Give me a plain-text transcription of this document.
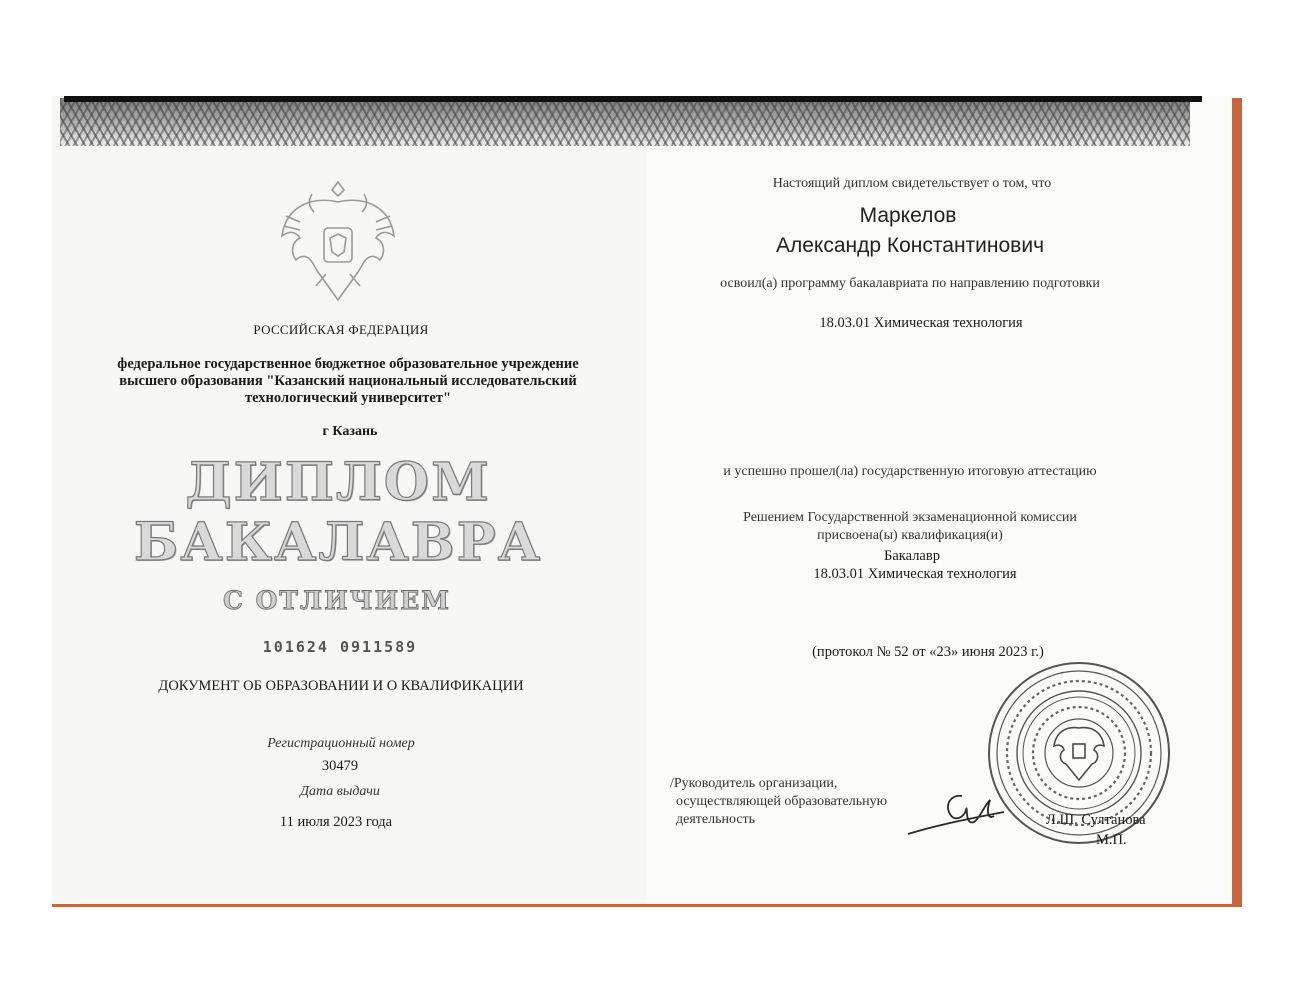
РОССИЙСКАЯ ФЕДЕРАЦИЯ
федеральное государственное бюджетное образовательное учреждение
высшего образования "Казанский национальный исследовательский
технологический университет"
г Казань
ДИПЛОМ
БАКАЛАВРА
С ОТЛИЧИЕМ
101624 0911589
ДОКУМЕНТ ОБ ОБРАЗОВАНИИ И О КВАЛИФИКАЦИИ
Регистрационный номер
30479
Дата выдачи
11 июля 2023 года
Настоящий диплом свидетельствует о том, что
Маркелов
Александр Константинович
освоил(а) программу бакалавриата по направлению подготовки
18.03.01 Химическая технология
и успешно прошел(ла) государственную итоговую аттестацию
Решением Государственной экзаменационной комиссии
присвоена(ы) квалификация(и)
Бакалавр
18.03.01 Химическая технология
(протокол № 52 от «23» июня 2023 г.)
/Руководитель организации,
осуществляющей образовательную
деятельность	Л.Ш. Султанова
М.П.
